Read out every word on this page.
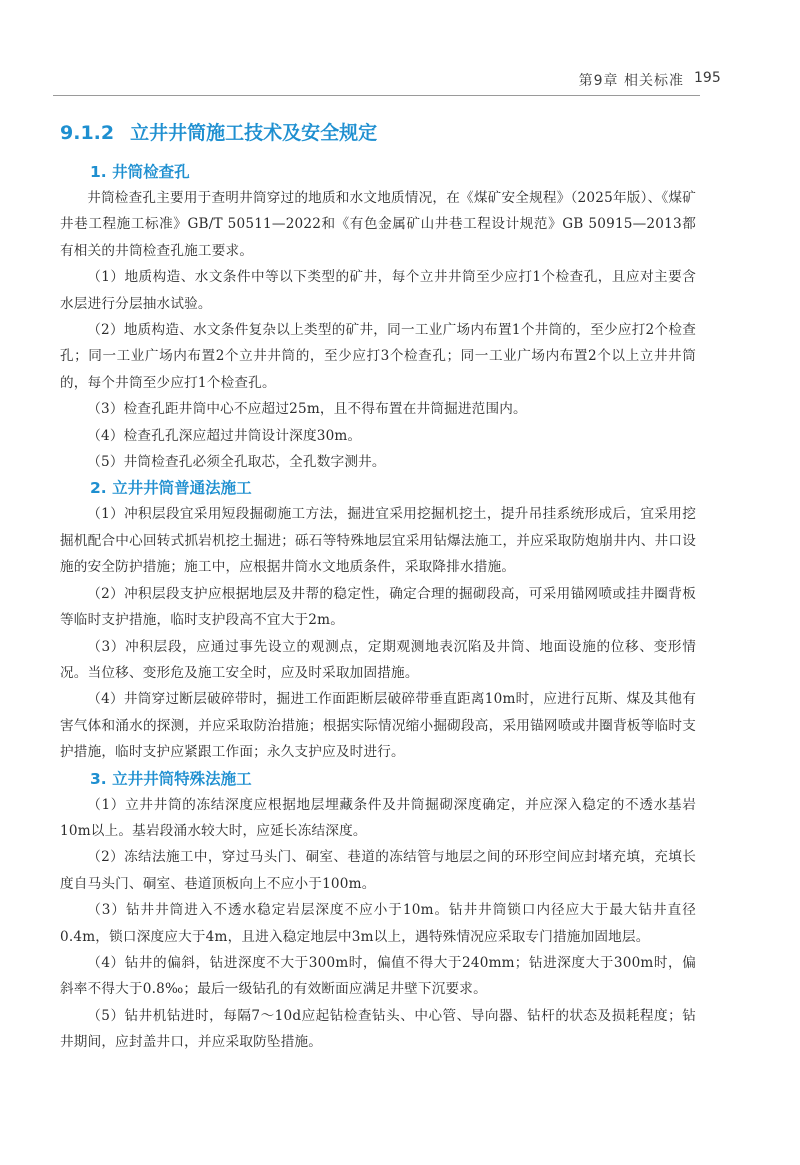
第9章 相关标准 195
9.1.2 立井井筒施工技术及安全规定
1. 井筒检查孔

井筒检查孔主要用于查明井筒穿过的地质和水文地质情况，在《煤矿安全规程》（2025年版）、《煤矿井巷工程施工标准》GB/T 50511—2022和《有色金属矿山井巷工程设计规范》GB 50915—2013都有相关的井筒检查孔施工要求。

（1）地质构造、水文条件中等以下类型的矿井，每个立井井筒至少应打1个检查孔，且应对主要含水层进行分层抽水试验。

（2）地质构造、水文条件复杂以上类型的矿井，同一工业广场内布置1个井筒的，至少应打2个检查孔；同一工业广场内布置2个立井井筒的，至少应打3个检查孔；同一工业广场内布置2个以上立井井筒的，每个井筒至少应打1个检查孔。

（3）检查孔距井筒中心不应超过25m，且不得布置在井筒掘进范围内。

（4）检查孔孔深应超过井筒设计深度30m。

（5）井筒检查孔必须全孔取芯，全孔数字测井。

2. 立井井筒普通法施工

（1）冲积层段宜采用短段掘砌施工方法，掘进宜采用挖掘机挖土，提升吊挂系统形成后，宜采用挖掘机配合中心回转式抓岩机挖土掘进；砾石等特殊地层宜采用钻爆法施工，并应采取防炮崩井内、井口设施的安全防护措施；施工中，应根据井筒水文地质条件，采取降排水措施。

（2）冲积层段支护应根据地层及井帮的稳定性，确定合理的掘砌段高，可采用锚网喷或挂井圈背板等临时支护措施，临时支护段高不宜大于2m。

（3）冲积层段，应通过事先设立的观测点，定期观测地表沉陷及井筒、地面设施的位移、变形情况。当位移、变形危及施工安全时，应及时采取加固措施。

（4）井筒穿过断层破碎带时，掘进工作面距断层破碎带垂直距离10m时，应进行瓦斯、煤及其他有害气体和涌水的探测，并应采取防治措施；根据实际情况缩小掘砌段高，采用锚网喷或井圈背板等临时支护措施，临时支护应紧跟工作面；永久支护应及时进行。

3. 立井井筒特殊法施工

（1）立井井筒的冻结深度应根据地层埋藏条件及井筒掘砌深度确定，并应深入稳定的不透水基岩10m以上。基岩段涌水较大时，应延长冻结深度。

（2）冻结法施工中，穿过马头门、硐室、巷道的冻结管与地层之间的环形空间应封堵充填，充填长度自马头门、硐室、巷道顶板向上不应小于100m。

（3）钻井井筒进入不透水稳定岩层深度不应小于10m。钻井井筒锁口内径应大于最大钻井直径0.4m，锁口深度应大于4m，且进入稳定地层中3m以上，遇特殊情况应采取专门措施加固地层。

（4）钻井的偏斜，钻进深度不大于300m时，偏值不得大于240mm；钻进深度大于300m时，偏斜率不得大于0.8‰；最后一级钻孔的有效断面应满足井壁下沉要求。

（5）钻井机钻进时，每隔7～10d应起钻检查钻头、中心管、导向器、钻杆的状态及损耗程度；钻井期间，应封盖井口，并应采取防坠措施。
